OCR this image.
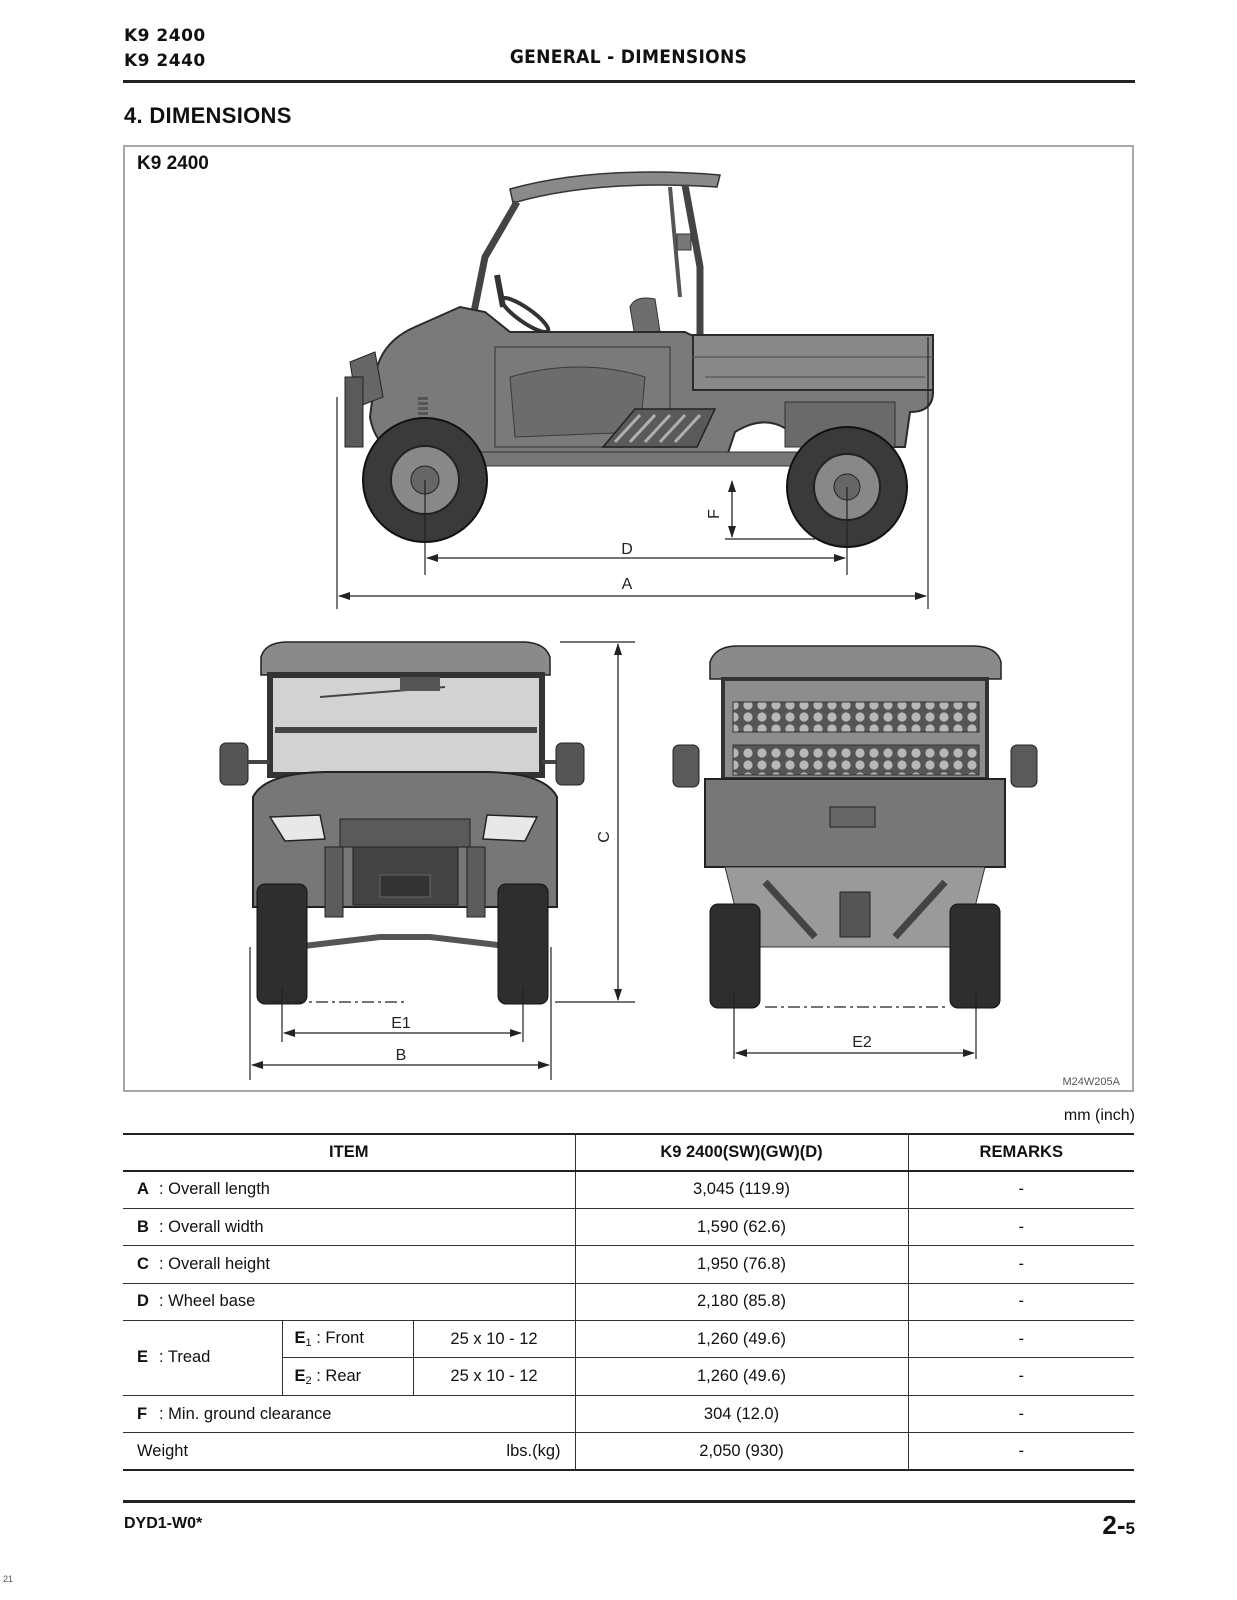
K9 2400
K9 2440	GENERAL - DIMENSIONS
4. DIMENSIONS
D
A
F
C
E1
B
E2
K9 2400
M24W205A
mm (inch)
ITEM			K9 2400(SW)(GW)(D)	REMARKS
A : Overall length			3,045 (119.9)	-
B : Overall width			1,590 (62.6)	-
C : Overall height			1,950 (76.8)	-
D : Wheel base			2,180 (85.8)	-
E : Tread	$E_1$ : Front	25 x 10 - 12	1,260 (49.6)	-
	$E_2$ : Rear	25 x 10 - 12	1,260 (49.6)	-
F : Min. ground clearance			304 (12.0)	-
Weight lbs.(kg)			2,050 (930)	-
DYD1-W0*	2-5
21
